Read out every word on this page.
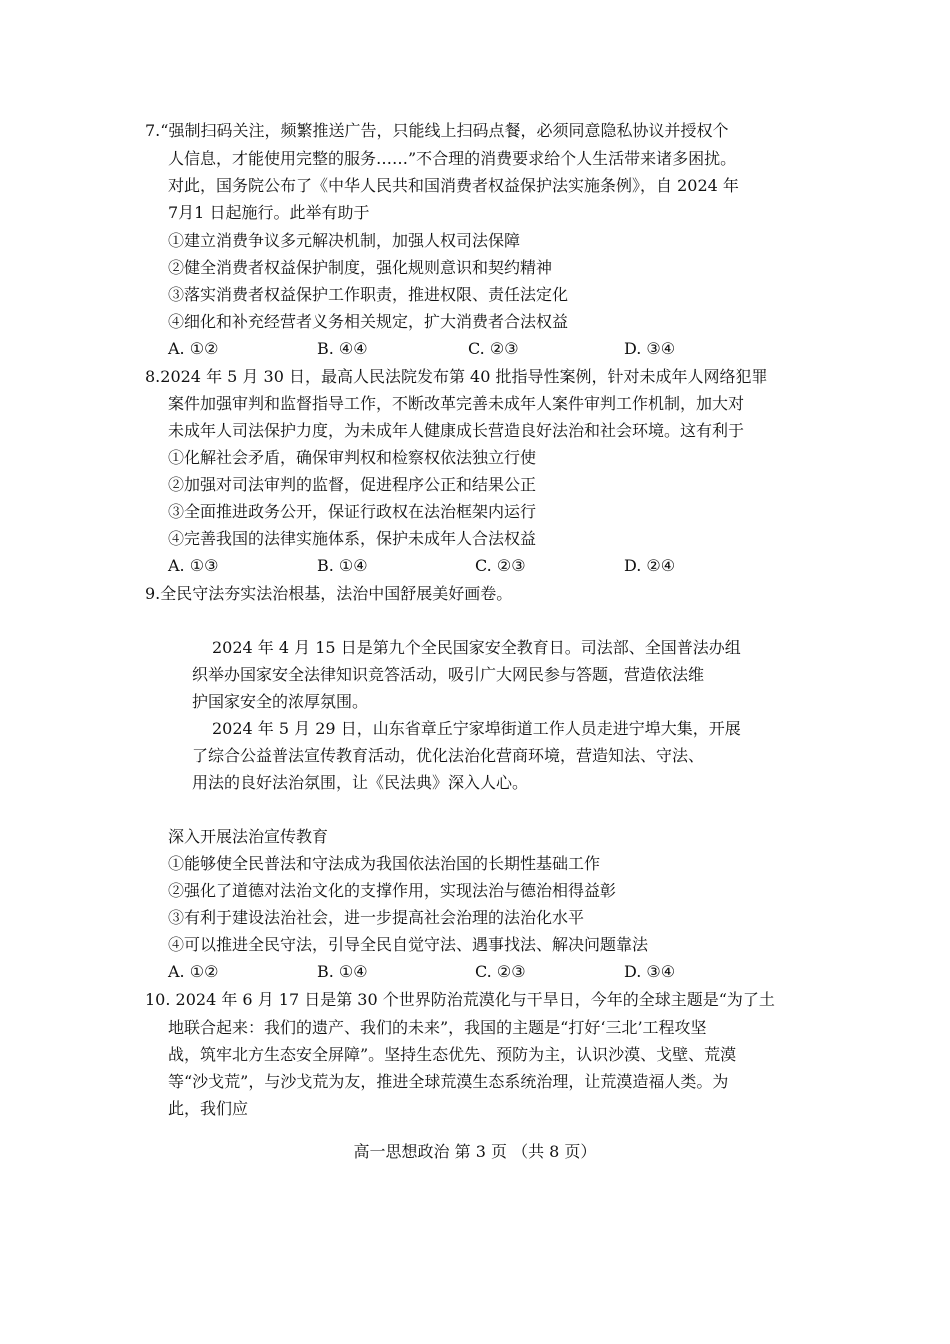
7.“强制扫码关注，频繁推送广告，只能线上扫码点餐，必须同意隐私协议并授权个
人信息，才能使用完整的服务……”不合理的消费要求给个人生活带来诸多困扰。
对此，国务院公布了《中华人民共和国消费者权益保护法实施条例》，自 2024 年
7月1 日起施行。此举有助于
①建立消费争议多元解决机制，加强人权司法保障
②健全消费者权益保护制度，强化规则意识和契约精神
③落实消费者权益保护工作职责，推进权限、责任法定化
④细化和补充经营者义务相关规定，扩大消费者合法权益
A. ①②	B. ④④	C. ②③	D. ③④
8.2024 年 5 月 30 日，最高人民法院发布第 40 批指导性案例，针对未成年人网络犯罪
案件加强审判和监督指导工作，不断改革完善未成年人案件审判工作机制，加大对
未成年人司法保护力度，为未成年人健康成长营造良好法治和社会环境。这有利于
①化解社会矛盾，确保审判权和检察权依法独立行使
②加强对司法审判的监督，促进程序公正和结果公正
③全面推进政务公开，保证行政权在法治框架内运行
④完善我国的法律实施体系，保护未成年人合法权益
A. ①③	B. ①④	C. ②③	D. ②④
9.全民守法夯实法治根基，法治中国舒展美好画卷。
2024 年 4 月 15 日是第九个全民国家安全教育日。司法部、全国普法办组
织举办国家安全法律知识竞答活动，吸引广大网民参与答题，营造依法维
护国家安全的浓厚氛围。
2024 年 5 月 29 日，山东省章丘宁家埠街道工作人员走进宁埠大集，开展
了综合公益普法宣传教育活动，优化法治化营商环境，营造知法、守法、
用法的良好法治氛围，让《民法典》深入人心。
深入开展法治宣传教育
①能够使全民普法和守法成为我国依法治国的长期性基础工作
②强化了道德对法治文化的支撑作用，实现法治与德治相得益彰
③有利于建设法治社会，进一步提高社会治理的法治化水平
④可以推进全民守法，引导全民自觉守法、遇事找法、解决问题靠法
A. ①②	B. ①④	C. ②③	D. ③④
10. 2024 年 6 月 17 日是第 30 个世界防治荒漠化与干旱日，今年的全球主题是“为了土
地联合起来：我们的遗产、我们的未来”，我国的主题是“打好‘三北’工程攻坚
战，筑牢北方生态安全屏障”。坚持生态优先、预防为主，认识沙漠、戈壁、荒漠
等“沙戈荒”，与沙戈荒为友，推进全球荒漠生态系统治理，让荒漠造福人类。为
此，我们应
高一思想政治 第 3 页 （共 8 页）
